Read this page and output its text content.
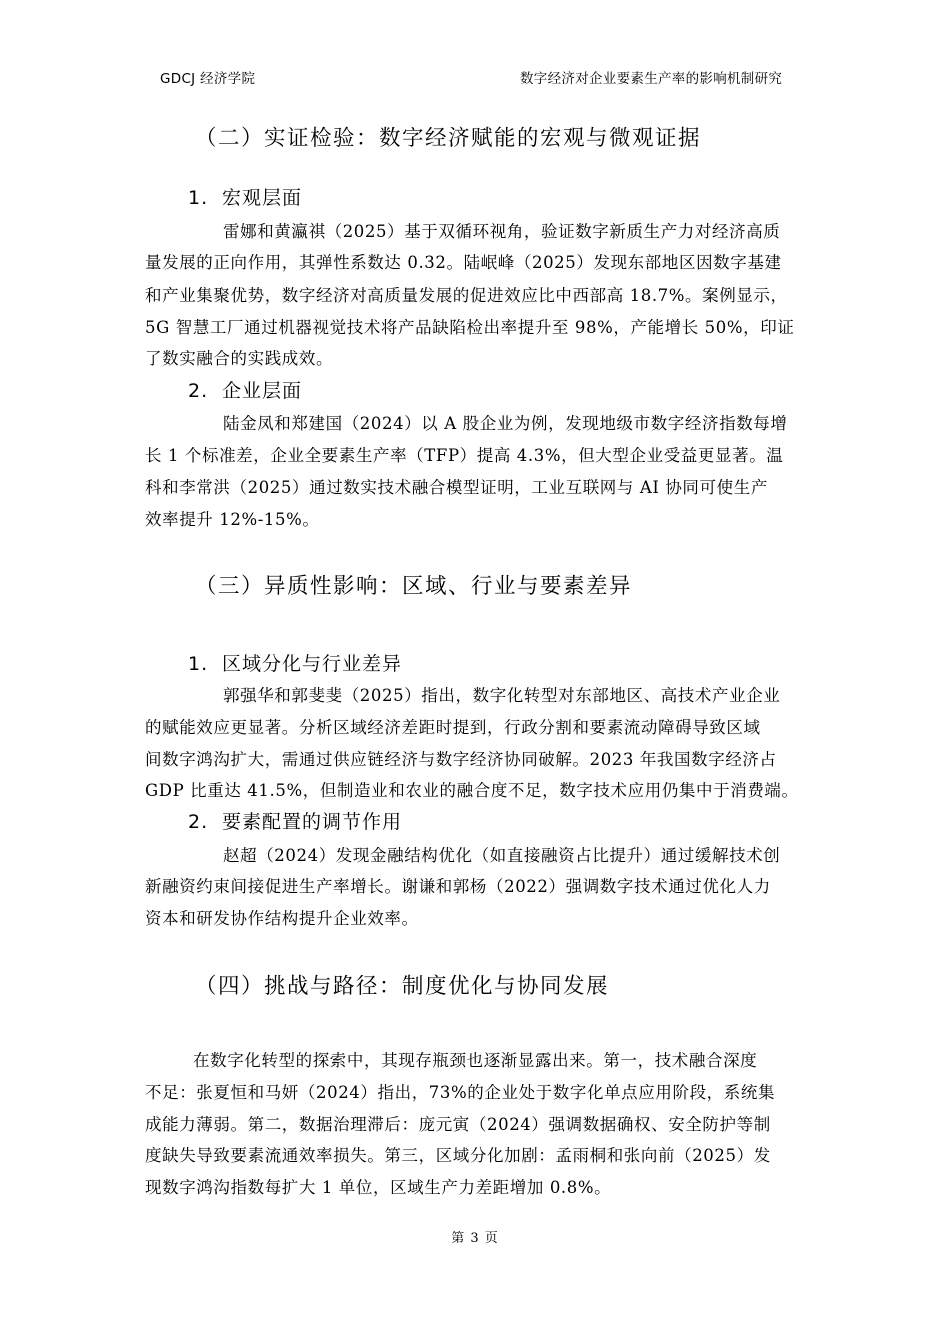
GDCJ 经济学院	数字经济对企业要素生产率的影响机制研究
（二）实证检验：数字经济赋能的宏观与微观证据
1. 宏观层面
雷娜和黄瀛祺（2025）基于双循环视角，验证数字新质生产力对经济高质
量发展的正向作用，其弹性系数达 0.32。陆岷峰（2025）发现东部地区因数字基建
和产业集聚优势，数字经济对高质量发展的促进效应比中西部高 18.7%。案例显示，
5G 智慧工厂通过机器视觉技术将产品缺陷检出率提升至 98%，产能增长 50%，印证
了数实融合的实践成效。
2. 企业层面
陆金凤和郑建国（2024）以 A 股企业为例，发现地级市数字经济指数每增
长 1 个标准差，企业全要素生产率（TFP）提高 4.3%，但大型企业受益更显著。温
科和李常洪（2025）通过数实技术融合模型证明，工业互联网与 AI 协同可使生产
效率提升 12%-15%。
（三）异质性影响：区域、行业与要素差异
1. 区域分化与行业差异
郭强华和郭斐斐（2025）指出，数字化转型对东部地区、高技术产业企业
的赋能效应更显著。分析区域经济差距时提到，行政分割和要素流动障碍导致区域
间数字鸿沟扩大，需通过供应链经济与数字经济协同破解。2023 年我国数字经济占
GDP 比重达 41.5%，但制造业和农业的融合度不足，数字技术应用仍集中于消费端。
2. 要素配置的调节作用
赵超（2024）发现金融结构优化（如直接融资占比提升）通过缓解技术创
新融资约束间接促进生产率增长。谢谦和郭杨（2022）强调数字技术通过优化人力
资本和研发协作结构提升企业效率。
（四）挑战与路径：制度优化与协同发展
在数字化转型的探索中，其现存瓶颈也逐渐显露出来。第一，技术融合深度
不足：张夏恒和马妍（2024）指出，73%的企业处于数字化单点应用阶段，系统集
成能力薄弱。第二，数据治理滞后：庞元寅（2024）强调数据确权、安全防护等制
度缺失导致要素流通效率损失。第三，区域分化加剧：孟雨桐和张向前（2025）发
现数字鸿沟指数每扩大 1 单位，区域生产力差距增加 0.8%。
第 3 页
